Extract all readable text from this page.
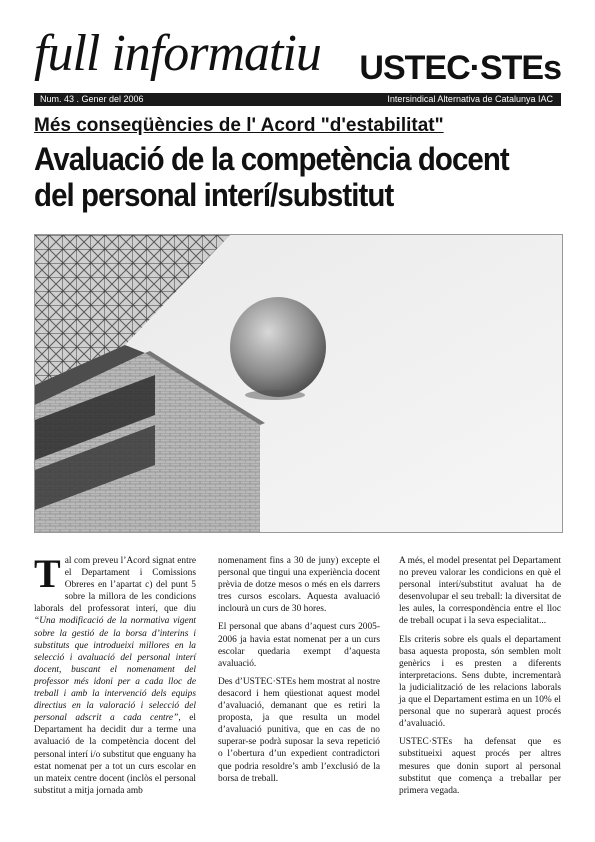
full informatiu USTEC·STEs
Num. 43 . Gener del 2006	Intersindical Alternativa de Catalunya IAC
Més conseqüències de l' Acord "d'estabilitat"
Avaluació de la competència docent del personal interí/substitut

Tal com preveu l’Acord signat entre el Departament i Comissions Obreres en l’apartat c) del punt 5 sobre la millora de les condicions laborals del professorat interí, que diu “Una modificació de la normativa vigent sobre la gestió de la borsa d’interins i substituts que introdueixi millores en la selecció i avaluació del personal interí docent, buscant el nomenament del professor més idoni per a cada lloc de treball i amb la intervenció dels equips directius en la valoració i selecció del personal adscrit a cada centre”, el Departament ha decidit dur a terme una avaluació de la competència docent del personal interí i/o substitut que enguany ha estat nomenat per a tot un curs escolar en un mateix centre docent (inclòs el personal substitut a mitja jornada amb

nomenament fins a 30 de juny) excepte el personal que tingui una experiència docent prèvia de dotze mesos o més en els darrers tres cursos escolars. Aquesta avaluació inclourà un curs de 30 hores.

El personal que abans d’aquest curs 2005-2006 ja havia estat nomenat per a un curs escolar quedaria exempt d’aquesta avaluació.

Des d’USTEC·STEs hem mostrat al nostre desacord i hem qüestionat aquest model d’avaluació, demanant que es retiri la proposta, ja que resulta un model d’avaluació punitiva, que en cas de no superar-se podrà suposar la seva repetició o l’obertura d’un expedient contradictori que podria resoldre’s amb l’exclusió de la borsa de treball.

A més, el model presentat pel Departament no preveu valorar les condicions en què el personal interí/substitut avaluat ha de desenvolupar el seu treball: la diversitat de les aules, la correspondència entre el lloc de treball ocupat i la seva especialitat...

Els criteris sobre els quals el departament basa aquesta proposta, són semblen molt genèrics i es presten a diferents interpretacions. Sens dubte, incrementarà la judicialització de les relacions laborals ja que el Departament estima en un 10% el personal que no superarà aquest procés d’avaluació.

USTEC·STEs ha defensat que es substitueixi aquest procés per altres mesures que donin suport al personal substitut que comença a treballar per primera vegada.
